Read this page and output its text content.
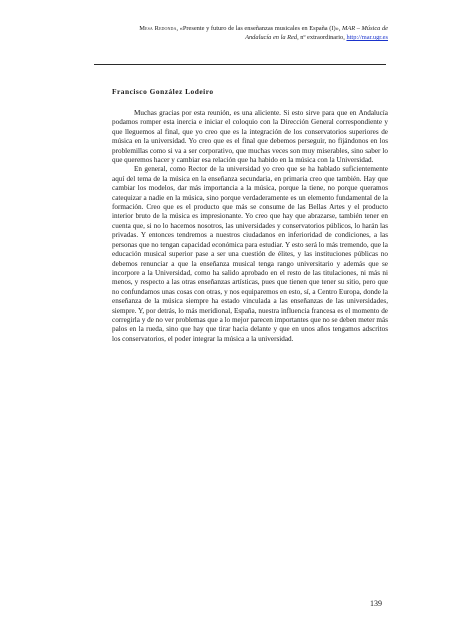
Mesa Redonda, «Presente y futuro de las enseñanzas musicales en España (I)», MAR – Música de Andalucía en la Red, nº extraordinario, http://mar.ugr.es
Francisco González Lodeiro

Muchas gracias por esta reunión, es una aliciente. Si esto sirve para que en Andalucía podamos romper esta inercia e iniciar el coloquio con la Dirección General correspondiente y que lleguemos al final, que yo creo que es la integración de los conservatorios superiores de música en la universidad. Yo creo que es el final que debemos perseguir, no fijándonos en los problemillas como si va a ser corporativo, que muchas veces son muy miserables, sino saber lo que queremos hacer y cambiar esa relación que ha habido en la música con la Universidad.

En general, como Rector de la universidad yo creo que se ha hablado suficientemente aquí del tema de la música en la enseñanza secundaria, en primaria creo que también. Hay que cambiar los modelos, dar más importancia a la música, porque la tiene, no porque queramos catequizar a nadie en la música, sino porque verdaderamente es un elemento fundamental de la formación. Creo que es el producto que más se consume de las Bellas Artes y el producto interior bruto de la música es impresionante. Yo creo que hay que abrazarse, también tener en cuenta que, si no lo hacemos nosotros, las universidades y conservatorios públicos, lo harán las privadas. Y entonces tendremos a nuestros ciudadanos en inferioridad de condiciones, a las personas que no tengan capacidad económica para estudiar. Y esto será lo más tremendo, que la educación musical superior pase a ser una cuestión de élites, y las instituciones públicas no debemos renunciar a que la enseñanza musical tenga rango universitario y además que se incorpore a la Universidad, como ha salido aprobado en el resto de las titulaciones, ni más ni menos, y respecto a las otras enseñanzas artísticas, pues que tienen que tener su sitio, pero que no confundamos unas cosas con otras, y nos equiparemos en esto, sí, a Centro Europa, donde la enseñanza de la música siempre ha estado vinculada a las enseñanzas de las universidades, siempre. Y, por detrás, lo más meridional, España, nuestra influencia francesa es el momento de corregirla y de no ver problemas que a lo mejor parecen importantes que no se deben meter más palos en la rueda, sino que hay que tirar hacia delante y que en unos años tengamos adscritos los conservatorios, el poder integrar la música a la universidad.

139
